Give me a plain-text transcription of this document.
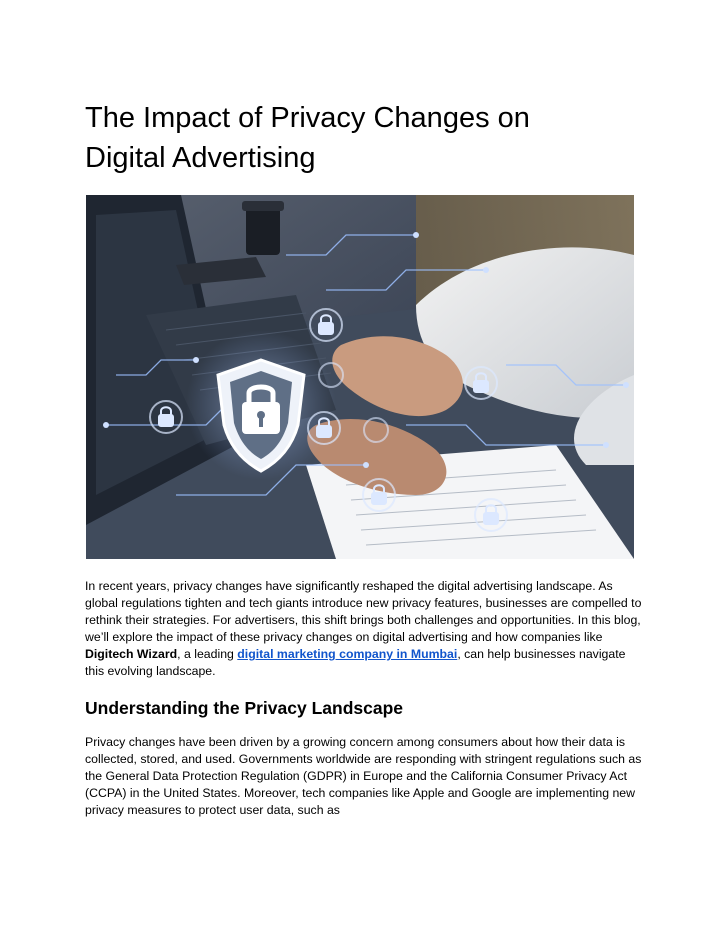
The Impact of Privacy Changes on
Digital Advertising

In recent years, privacy changes have significantly reshaped the digital advertising landscape. As global regulations tighten and tech giants introduce new privacy features, businesses are compelled to rethink their strategies. For advertisers, this shift brings both challenges and opportunities. In this blog, we’ll explore the impact of these privacy changes on digital advertising and how companies like Digitech Wizard, a leading digital marketing company in Mumbai, can help businesses navigate this evolving landscape.

Understanding the Privacy Landscape

Privacy changes have been driven by a growing concern among consumers about how their data is collected, stored, and used. Governments worldwide are responding with stringent regulations such as the General Data Protection Regulation (GDPR) in Europe and the California Consumer Privacy Act (CCPA) in the United States. Moreover, tech companies like Apple and Google are implementing new privacy measures to protect user data, such as
